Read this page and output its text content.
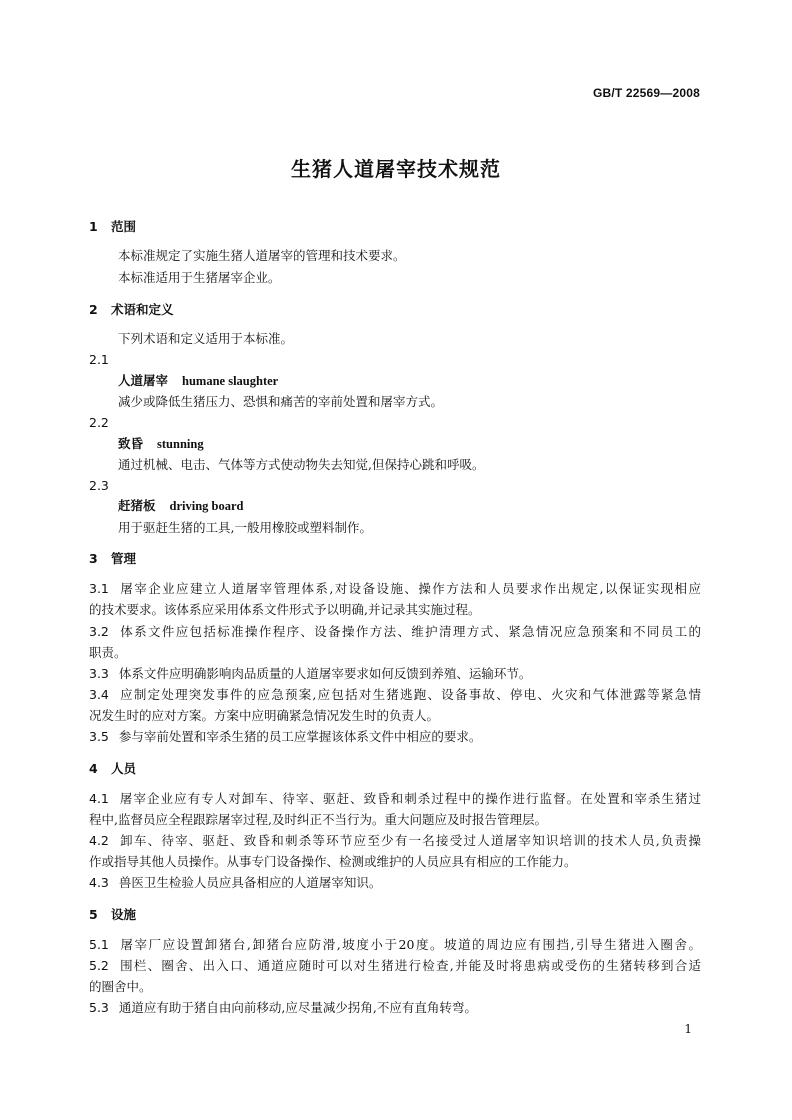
GB/T 22569—2008
生猪人道屠宰技术规范
1 范围
本标准规定了实施生猪人道屠宰的管理和技术要求。
本标准适用于生猪屠宰企业。
2 术语和定义
下列术语和定义适用于本标准。
2.1
人道屠宰 humane slaughter
减少或降低生猪压力、恐惧和痛苦的宰前处置和屠宰方式。
2.2
致昏 stunning
通过机械、电击、气体等方式使动物失去知觉,但保持心跳和呼吸。
2.3
赶猪板 driving board
用于驱赶生猪的工具,一般用橡胶或塑料制作。
3 管理
3.1 屠宰企业应建立人道屠宰管理体系,对设备设施、操作方法和人员要求作出规定,以保证实现相应
的技术要求。该体系应采用体系文件形式予以明确,并记录其实施过程。
3.2 体系文件应包括标准操作程序、设备操作方法、维护清理方式、紧急情况应急预案和不同员工的
职责。
3.3 体系文件应明确影响肉品质量的人道屠宰要求如何反馈到养殖、运输环节。
3.4 应制定处理突发事件的应急预案,应包括对生猪逃跑、设备事故、停电、火灾和气体泄露等紧急情
况发生时的应对方案。方案中应明确紧急情况发生时的负责人。
3.5 参与宰前处置和宰杀生猪的员工应掌握该体系文件中相应的要求。
4 人员
4.1 屠宰企业应有专人对卸车、待宰、驱赶、致昏和刺杀过程中的操作进行监督。在处置和宰杀生猪过
程中,监督员应全程跟踪屠宰过程,及时纠正不当行为。重大问题应及时报告管理层。
4.2 卸车、待宰、驱赶、致昏和刺杀等环节应至少有一名接受过人道屠宰知识培训的技术人员,负责操
作或指导其他人员操作。从事专门设备操作、检测或维护的人员应具有相应的工作能力。
4.3 兽医卫生检验人员应具备相应的人道屠宰知识。
5 设施
5.1 屠宰厂应设置卸猪台,卸猪台应防滑,坡度小于20度。坡道的周边应有围挡,引导生猪进入圈舍。
5.2 围栏、圈舍、出入口、通道应随时可以对生猪进行检查,并能及时将患病或受伤的生猪转移到合适
的圈舍中。
5.3 通道应有助于猪自由向前移动,应尽量减少拐角,不应有直角转弯。
1
